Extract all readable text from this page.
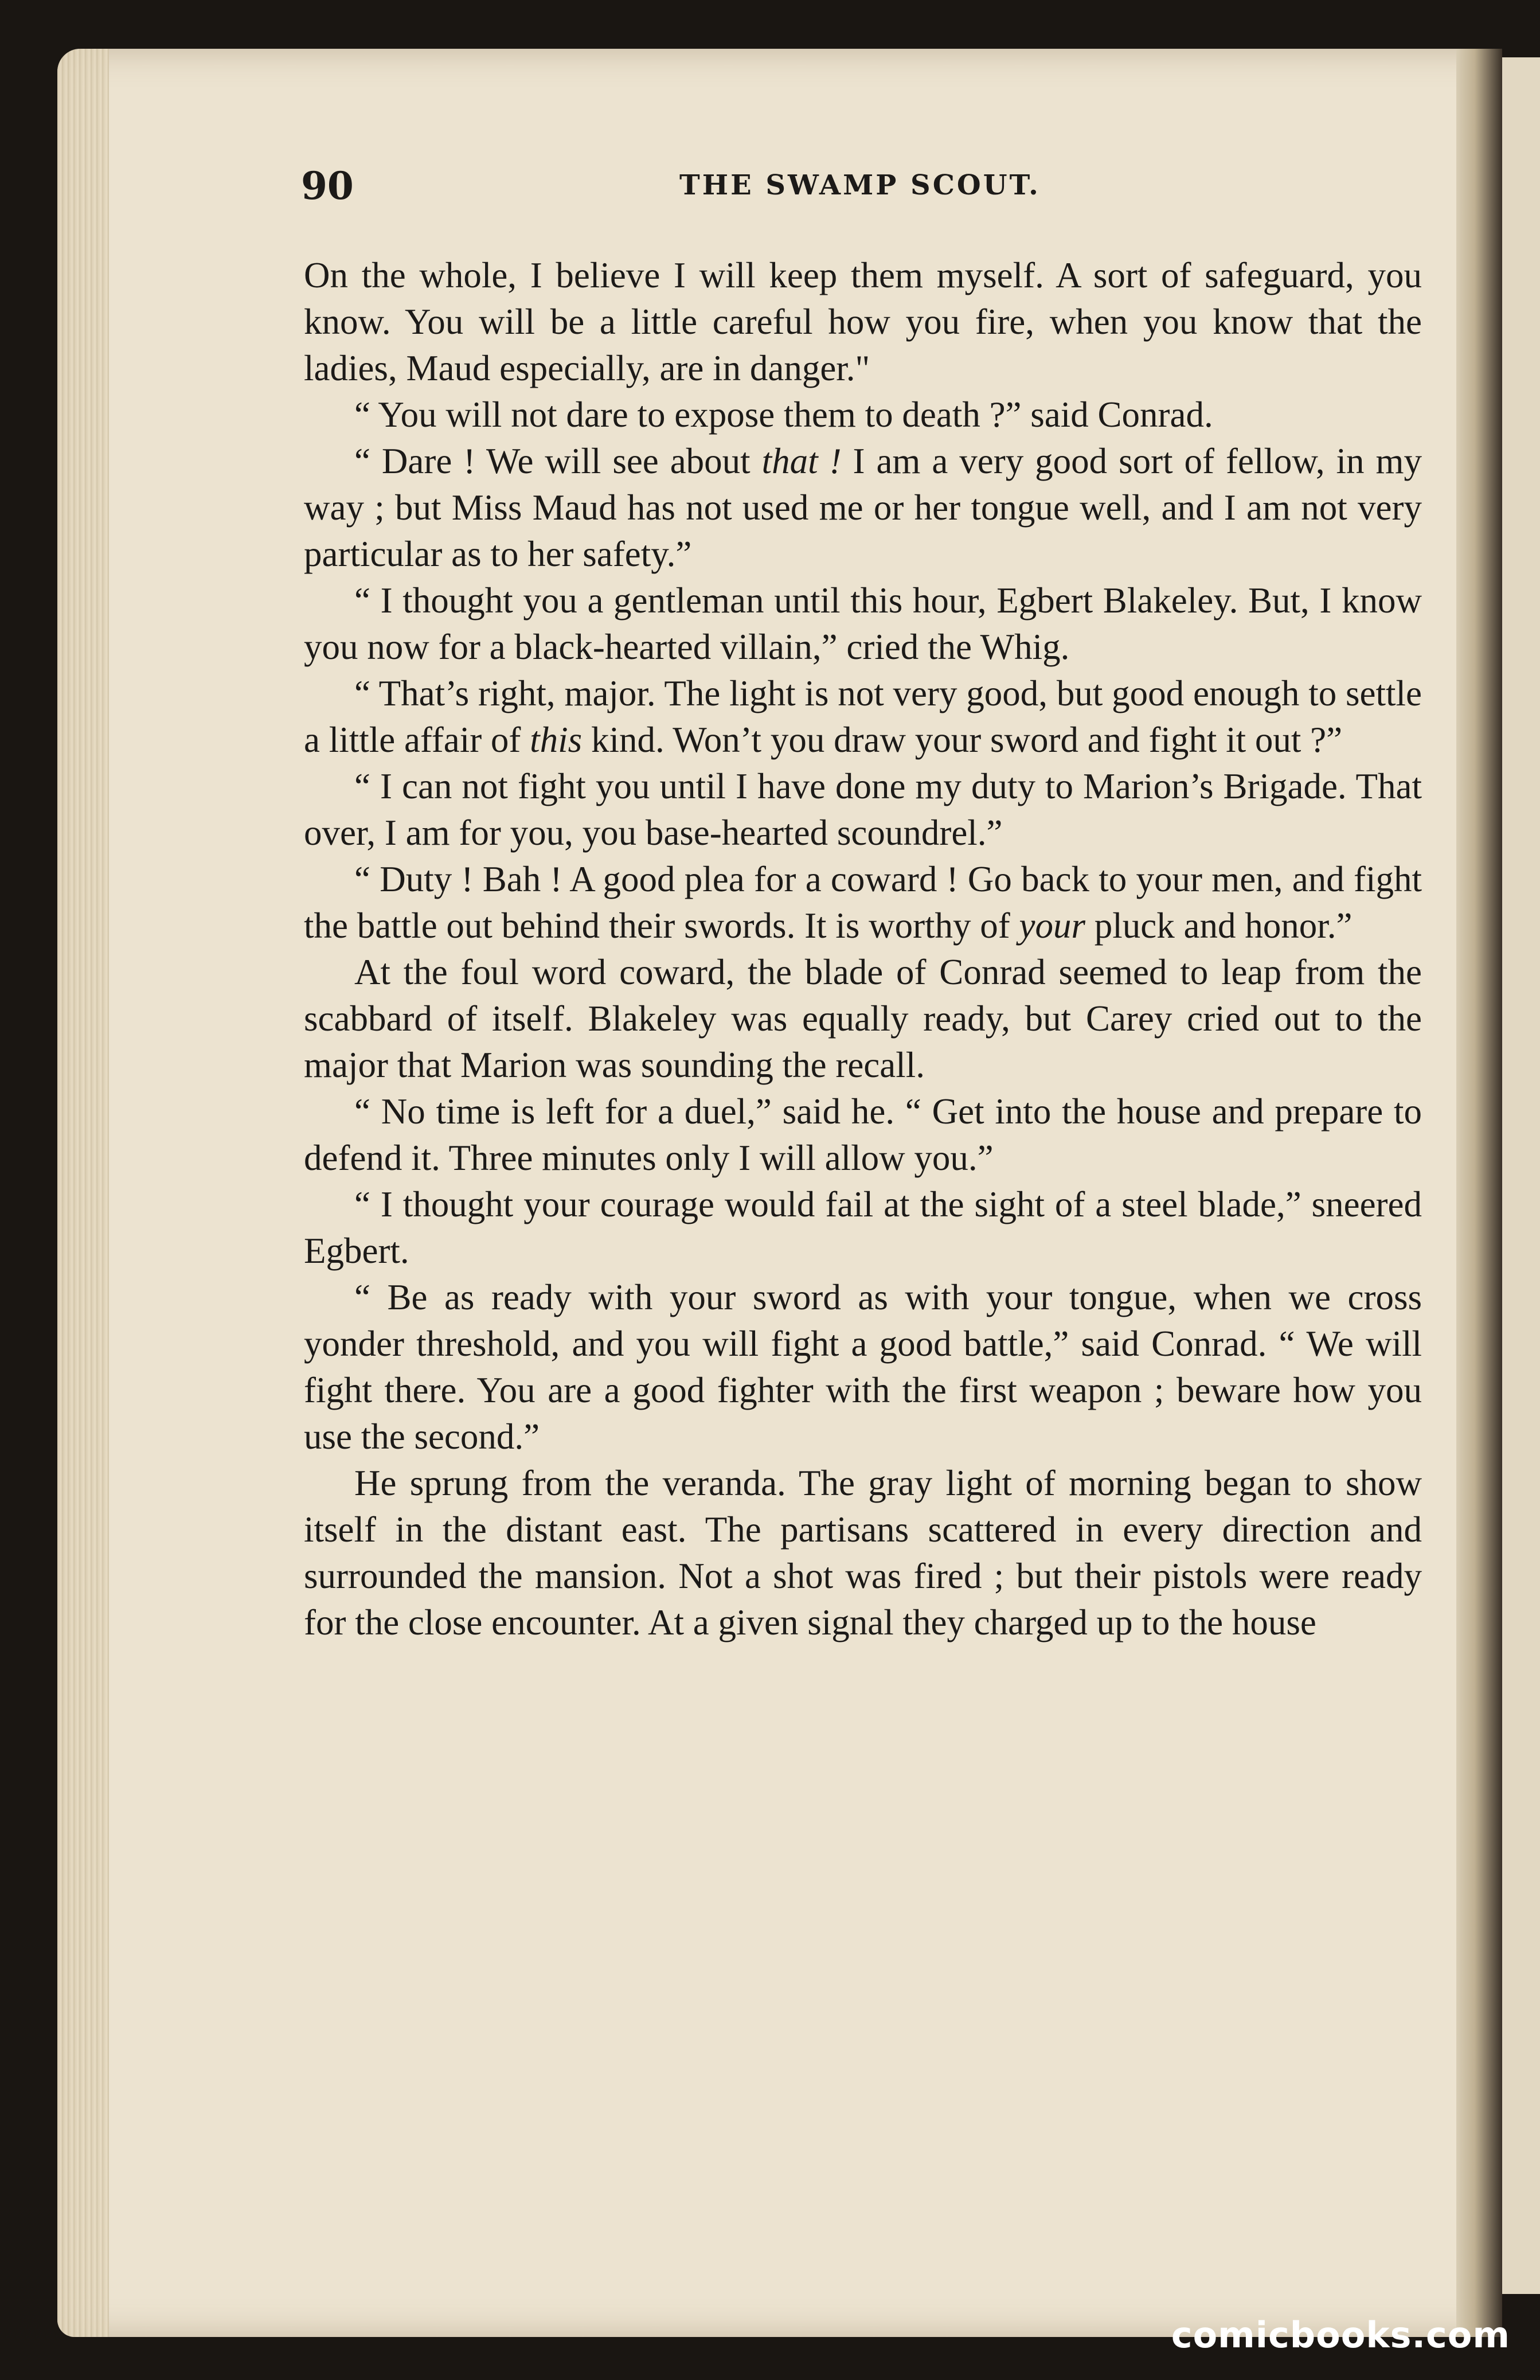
90	THE SWAMP SCOUT.

On the whole, I believe I will keep them myself. A sort of safeguard, you know. You will be a little careful how you fire, when you know that the ladies, Maud especially, are in danger."

“ You will not dare to expose them to death ?” said Conrad.

“ Dare ! We will see about that ! I am a very good sort of fellow, in my way ; but Miss Maud has not used me or her tongue well, and I am not very particular as to her safety.”

“ I thought you a gentleman until this hour, Egbert Blakeley. But, I know you now for a black-hearted villain,” cried the Whig.

“ That’s right, major. The light is not very good, but good enough to settle a little affair of this kind. Won’t you draw your sword and fight it out ?”

“ I can not fight you until I have done my duty to Marion’s Brigade. That over, I am for you, you base-hearted scoundrel.”

“ Duty ! Bah ! A good plea for a coward ! Go back to your men, and fight the battle out behind their swords. It is worthy of your pluck and honor.”

At the foul word coward, the blade of Conrad seemed to leap from the scabbard of itself. Blakeley was equally ready, but Carey cried out to the major that Marion was sounding the recall.

“ No time is left for a duel,” said he. “ Get into the house and prepare to defend it. Three minutes only I will allow you.”

“ I thought your courage would fail at the sight of a steel blade,” sneered Egbert.

“ Be as ready with your sword as with your tongue, when we cross yonder threshold, and you will fight a good battle,” said Conrad. “ We will fight there. You are a good fighter with the first weapon ; beware how you use the second.”

He sprung from the veranda. The gray light of morning began to show itself in the distant east. The partisans scattered in every direction and surrounded the mansion. Not a shot was fired ; but their pistols were ready for the close encounter. At a given signal they charged up to the house

comicbooks.com
